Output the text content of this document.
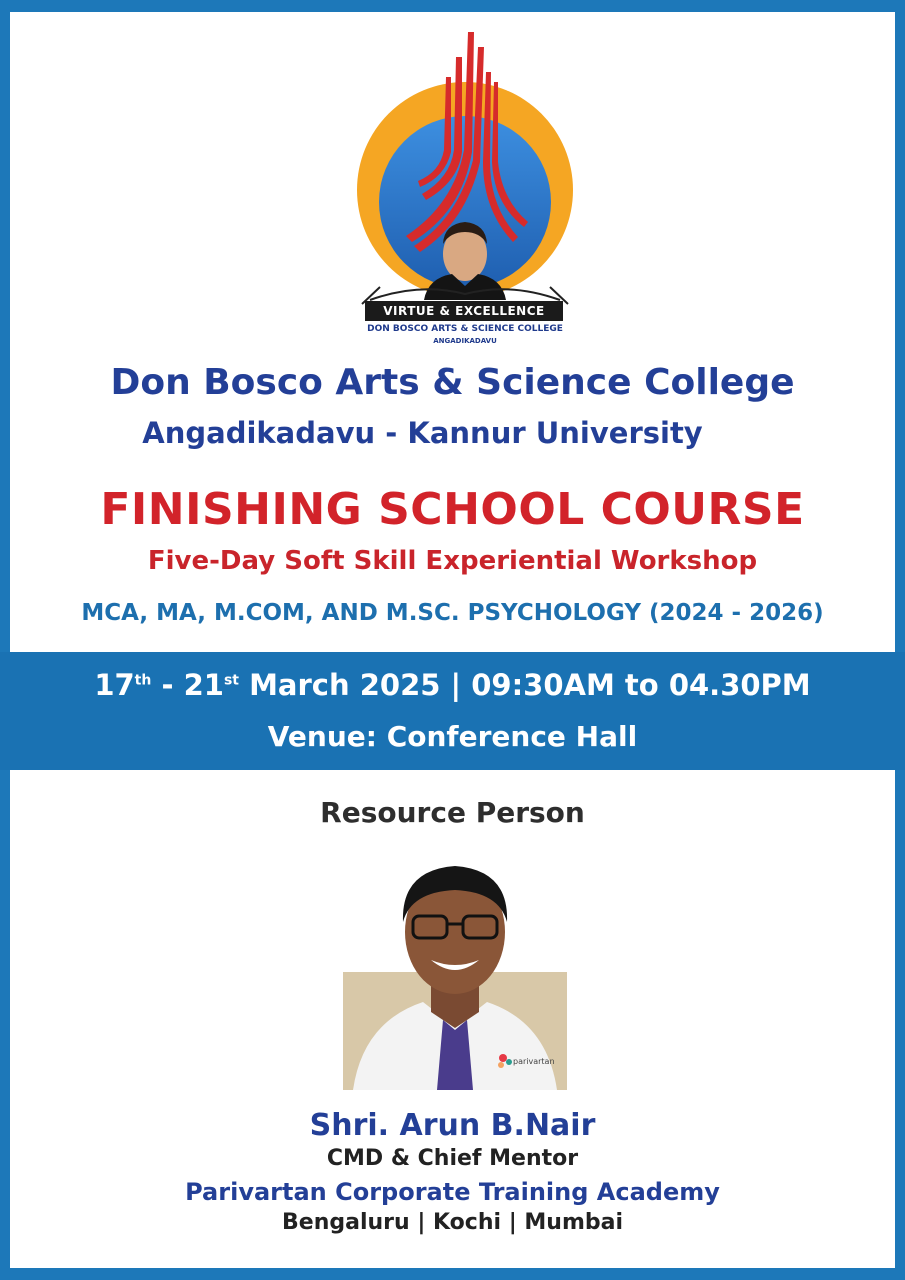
VIRTUE & EXCELLENCE
DON BOSCO ARTS & SCIENCE COLLEGE
ANGADIKADAVU
Don Bosco Arts & Science College
Angadikadavu - Kannur University
FINISHING SCHOOL COURSE
Five-Day Soft Skill Experiential Workshop
MCA, MA, M.COM, AND M.SC. PSYCHOLOGY (2024 - 2026)
17th - 21st March 2025 | 09:30AM to 04.30PM
Venue: Conference Hall
Resource Person
parivartan
Shri. Arun B.Nair
CMD & Chief Mentor
Parivartan Corporate Training Academy
Bengaluru | Kochi | Mumbai
